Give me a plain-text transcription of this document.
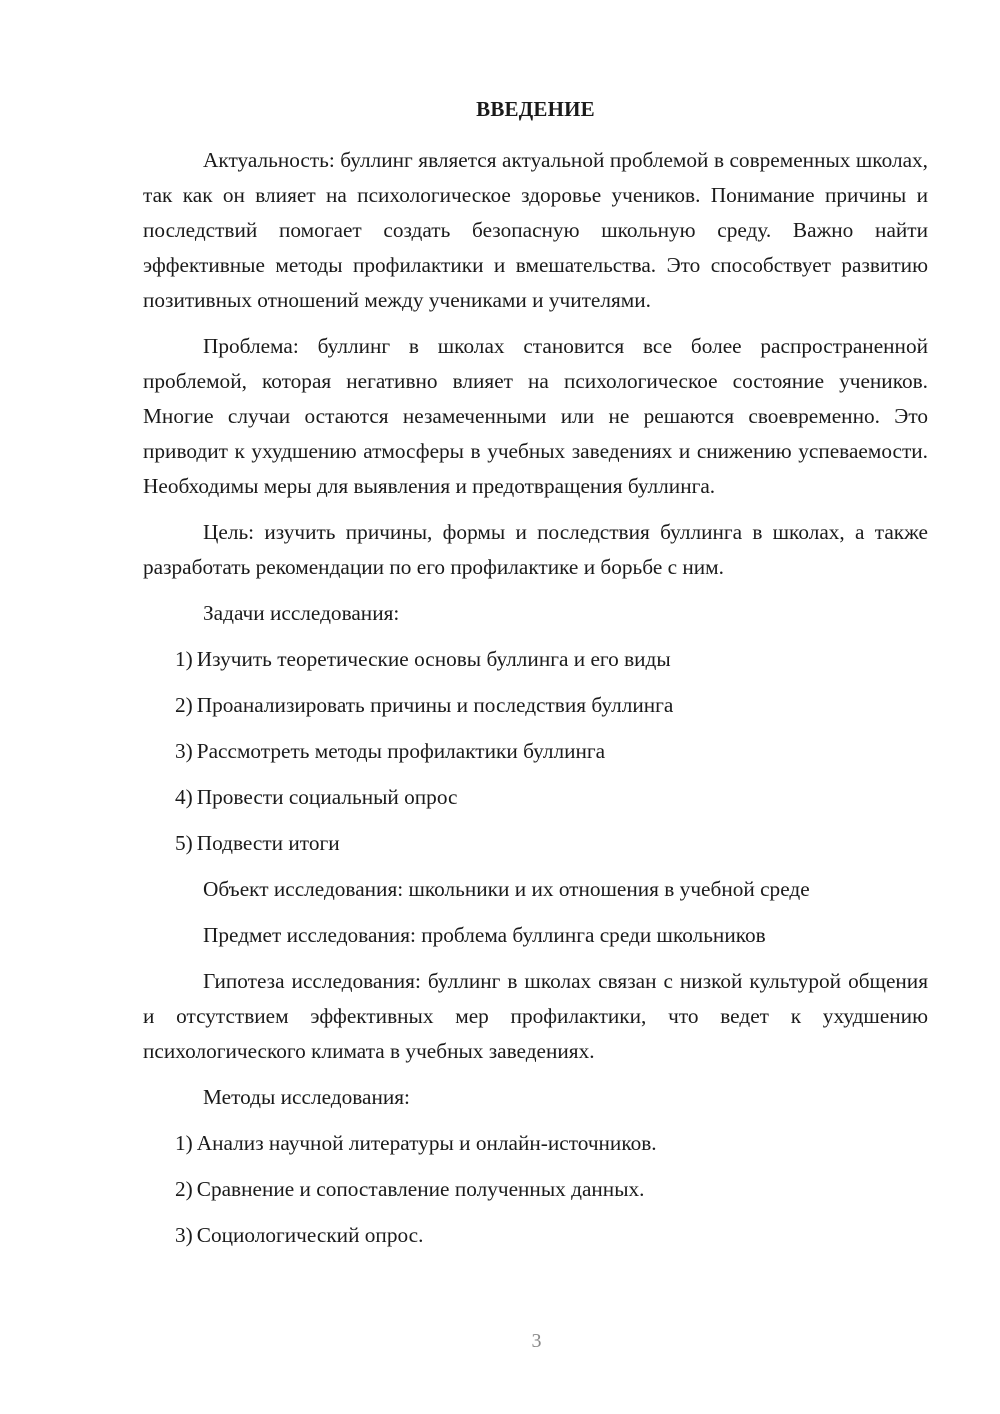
ВВЕДЕНИЕ

Актуальность: буллинг является актуальной проблемой в современных школах, так как он влияет на психологическое здоровье учеников. Понимание причины и последствий помогает создать безопасную школьную среду. Важно найти эффективные методы профилактики и вмешательства. Это способствует развитию позитивных отношений между учениками и учителями.

Проблема: буллинг в школах становится все более распространенной проблемой, которая негативно влияет на психологическое состояние учеников. Многие случаи остаются незамеченными или не решаются своевременно. Это приводит к ухудшению атмосферы в учебных заведениях и снижению успеваемости. Необходимы меры для выявления и предотвращения буллинга.

Цель: изучить причины, формы и последствия буллинга в школах, а также разработать рекомендации по его профилактике и борьбе с ним.

Задачи исследования:

1) Изучить теоретические основы буллинга и его виды
2) Проанализировать причины и последствия буллинга
3) Рассмотреть методы профилактики буллинга
4) Провести социальный опрос
5) Подвести итоги

Объект исследования: школьники и их отношения в учебной среде

Предмет исследования: проблема буллинга среди школьников

Гипотеза исследования: буллинг в школах связан с низкой культурой общения и отсутствием эффективных мер профилактики, что ведет к ухудшению психологического климата в учебных заведениях.

Методы исследования:

1) Анализ научной литературы и онлайн-источников.
2) Сравнение и сопоставление полученных данных.
3) Социологический опрос.
3
